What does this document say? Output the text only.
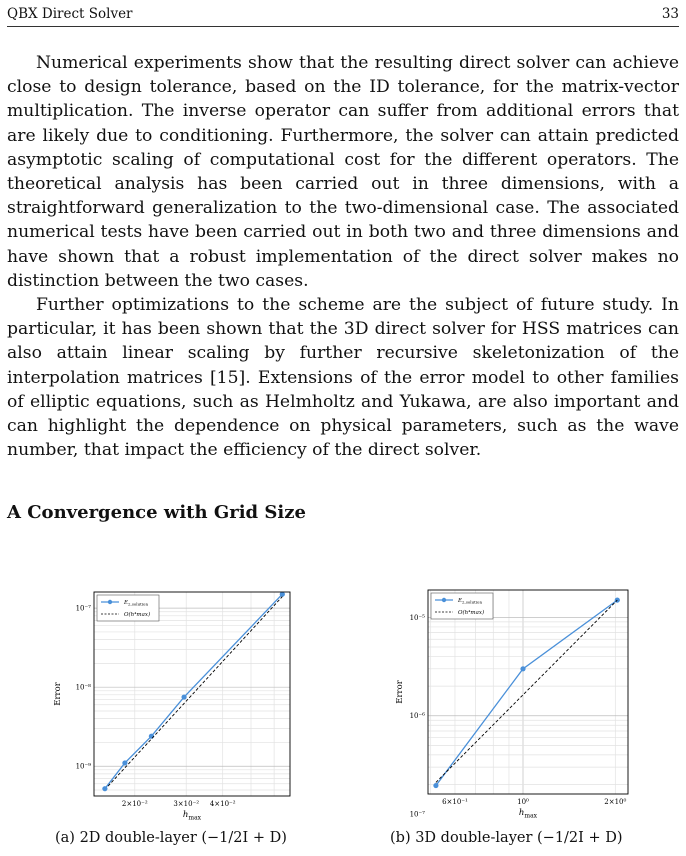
QBX Direct Solver	33

Numerical experiments show that the resulting direct solver can achieve close to design tolerance, based on the ID tolerance, for the matrix-vector multiplication. The inverse operator can suffer from additional errors that are likely due to conditioning. Furthermore, the solver can attain predicted asymptotic scaling of computational cost for the different operators. The theoretical analysis has been carried out in three dimensions, with a straightforward generalization to the two-dimensional case. The associated numerical tests have been carried out in both two and three dimensions and have shown that a robust implementation of the direct solver makes no distinction between the two cases.

Further optimizations to the scheme are the subject of future study. In particular, it has been shown that the 3D direct solver for HSS matrices can also attain linear scaling by further recursive skeletonization of the interpolation matrices [15]. Extensions of the error model to other families of elliptic equations, such as Helmholtz and Yukawa, are also important and can highlight the dependence on physical parameters, such as the wave number, that impact the efficiency of the direct solver.

A Convergence with Grid Size
2×10⁻²	3×10⁻² 4×10⁻²
10⁻⁹
10⁻⁸
10⁻⁷
$h_{max}$
Error
$E_{2,solution}$
O(h⁴max)
6×10⁻¹	10⁰	2×10⁰
10⁻⁷
10⁻⁶
10⁻⁵
$h_{max}$
Error
$E_{2,solution}$
O(h⁴max)
(a) 2D double-layer (−1/2I + D)	(b) 3D double-layer (−1/2I + D)
